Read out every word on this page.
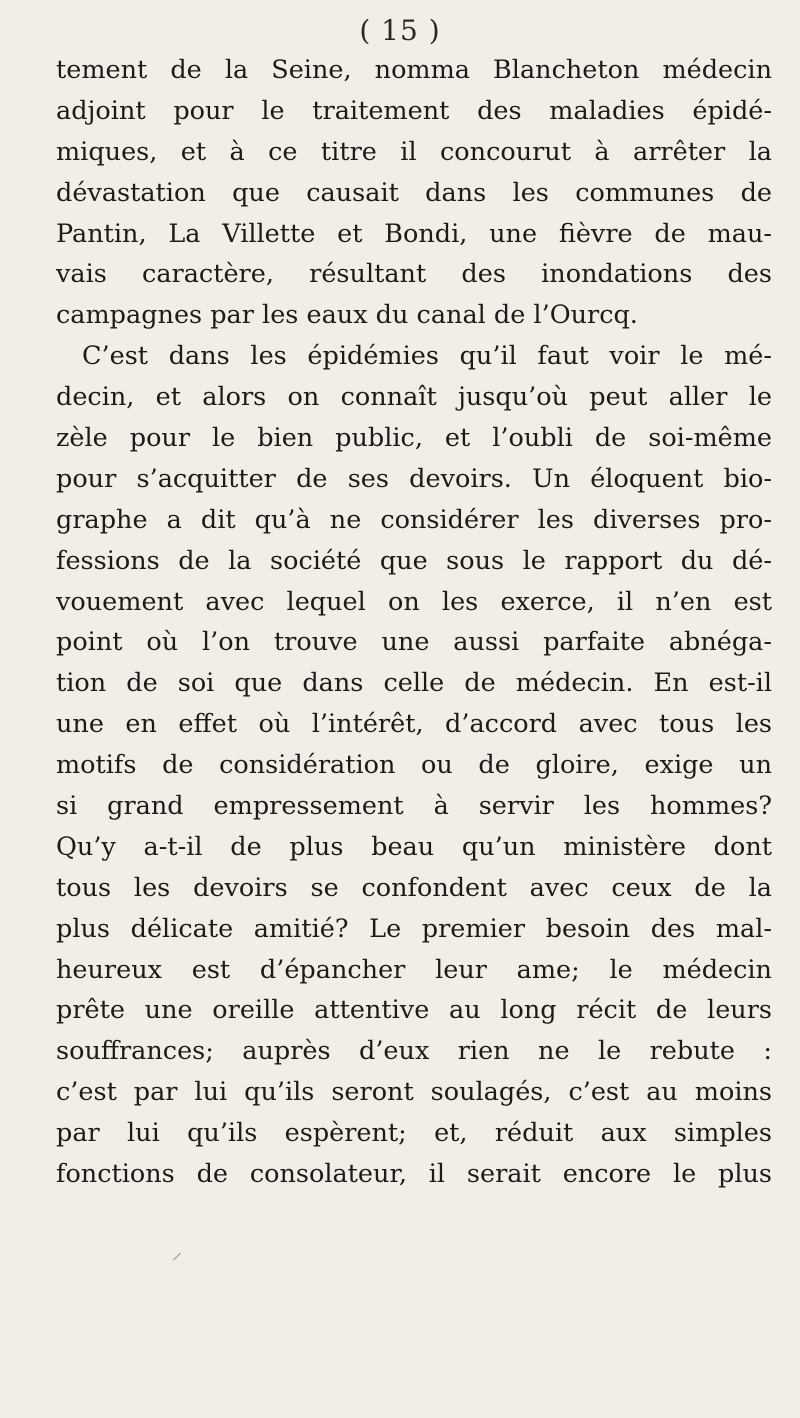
( 15 )
tement de la Seine, nomma Blancheton médecin
adjoint pour le traitement des maladies épidé-
miques, et à ce titre il concourut à arrêter la
dévastation que causait dans les communes de
Pantin, La Villette et Bondi, une fièvre de mau-
vais caractère, résultant des inondations des
campagnes par les eaux du canal de l’Ourcq.
C’est dans les épidémies qu’il faut voir le mé-
decin, et alors on connaît jusqu’où peut aller le
zèle pour le bien public, et l’oubli de soi-même
pour s’acquitter de ses devoirs. Un éloquent bio-
graphe a dit qu’à ne considérer les diverses pro-
fessions de la société que sous le rapport du dé-
vouement avec lequel on les exerce, il n’en est
point où l’on trouve une aussi parfaite abnéga-
tion de soi que dans celle de médecin. En est-il
une en effet où l’intérêt, d’accord avec tous les
motifs de considération ou de gloire, exige un
si grand empressement à servir les hommes?
Qu’y a-t-il de plus beau qu’un ministère dont
tous les devoirs se confondent avec ceux de la
plus délicate amitié? Le premier besoin des mal-
heureux est d’épancher leur ame; le médecin
prête une oreille attentive au long récit de leurs
souffrances; auprès d’eux rien ne le rebute :
c’est par lui qu’ils seront soulagés, c’est au moins
par lui qu’ils espèrent; et, réduit aux simples
fonctions de consolateur, il serait encore le plus
